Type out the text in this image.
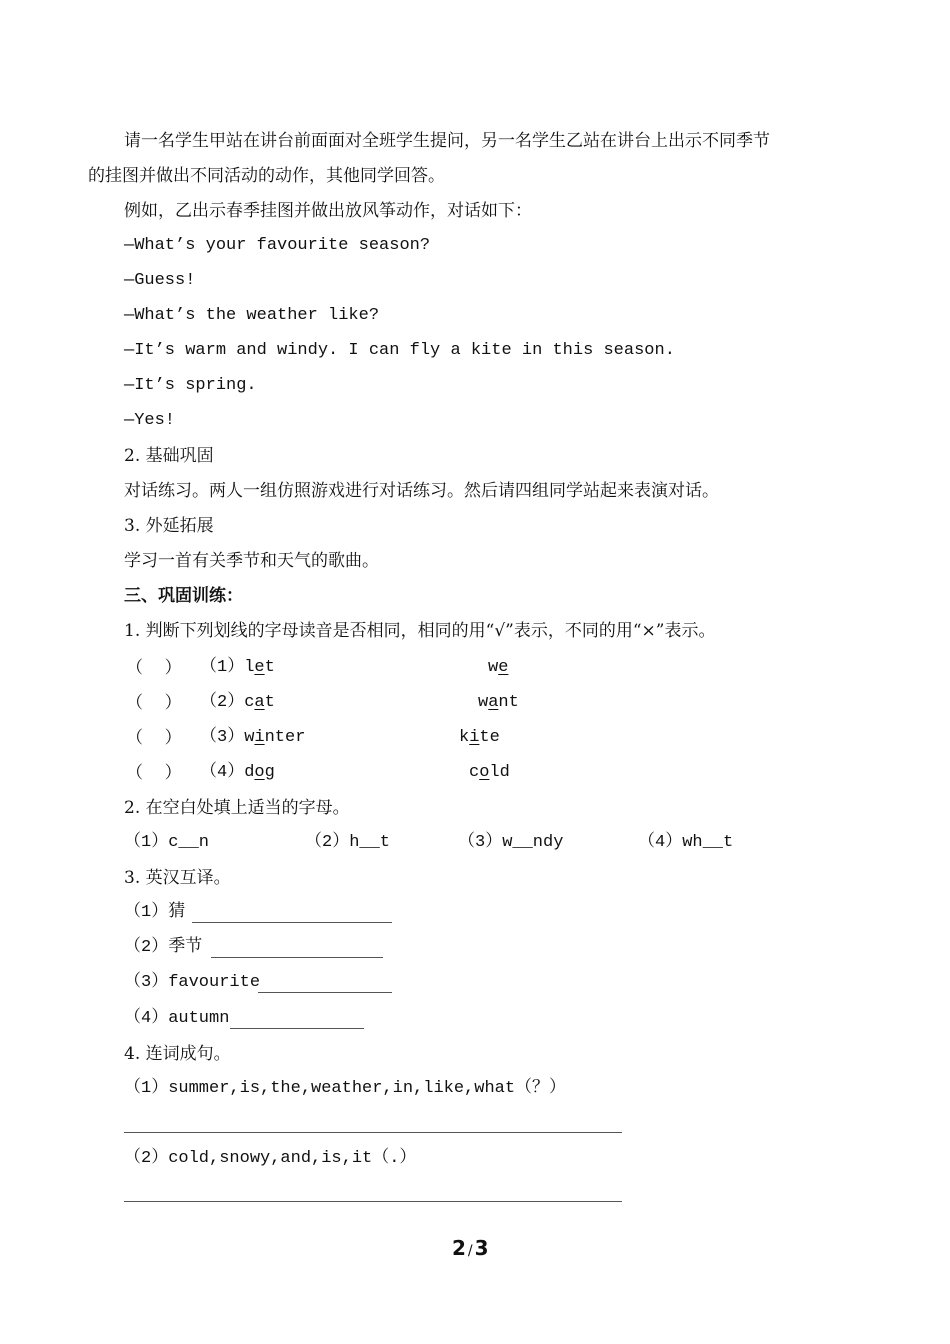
请一名学生甲站在讲台前面面对全班学生提问，另一名学生乙站在讲台上出示不同季节
的挂图并做出不同活动的动作，其他同学回答。
例如，乙出示春季挂图并做出放风筝动作，对话如下：
—What’s your favourite season?
—Guess!
—What’s the weather like?
—It’s warm and windy. I can fly a kite in this season.
—It’s spring.
—Yes!
2. 基础巩固
对话练习。两人一组仿照游戏进行对话练习。然后请四组同学站起来表演对话。
3. 外延拓展
学习一首有关季节和天气的歌曲。
三、巩固训练：
1. 判断下列划线的字母读音是否相同，相同的用“√”表示，不同的用“×”表示。
（    ） （1）let	we
（    ） （2）cat	want
（    ） （3）winter	kite
（    ） （4）dog	cold
2. 在空白处填上适当的字母。
（1）c__n	（2）h__t	（3）w__ndy	（4）wh__t
3. 英汉互译。
（1）猜
（2）季节
（3）favourite
（4）autumn
4. 连词成句。
（1）summer,is,the,weather,in,like,what（？）
（2）cold,snowy,and,is,it（.）
2 / 3
